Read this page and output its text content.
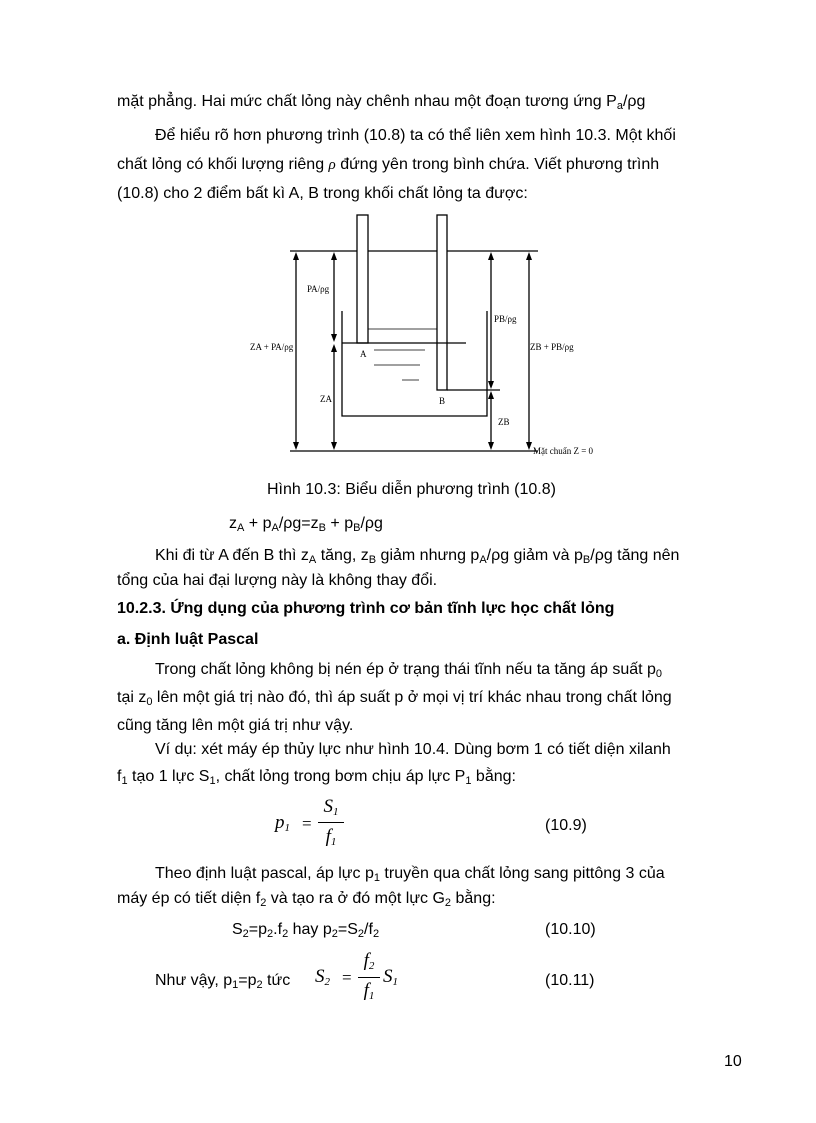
mặt phẳng. Hai mức chất lỏng này chênh nhau một đoạn tương ứng $P_a/\rho g$
Để hiểu rõ hơn phương trình (10.8) ta có thể liên xem hình 10.3. Một khối
chất lỏng có khối lượng riêng ρ đứng yên trong bình chứa. Viết phương trình
(10.8) cho 2 điểm bất kì A, B trong khối chất lỏng ta được:
PA/ρg
PB/ρg
ZA + PA/ρg	ZB + PB/ρg
ZA
ZB
A
B
Mặt chuẩn Z = 0
Hình 10.3: Biểu diễn phương trình (10.8)
$z_A + p_A/\rho g=z_B + p_B/\rho g$
Khi đi từ A đến B thì $z_A$ tăng, $z_B$ giảm nhưng $p_A/\rho g$ giảm và $p_B/\rho g$ tăng nên
tổng của hai đại lượng này là không thay đổi.
10.2.3. Ứng dụng của phương trình cơ bản tĩnh lực học chất lỏng
a. Định luật Pascal
Trong chất lỏng không bị nén ép ở trạng thái tĩnh nếu ta tăng áp suất $p_0$
tại $z_0$ lên một giá trị nào đó, thì áp suất p ở mọi vị trí khác nhau trong chất lỏng
cũng tăng lên một giá trị như vậy.
Ví dụ: xét máy ép thủy lực như hình 10.4. Dùng bơm 1 có tiết diện xilanh
$f_1$ tạo 1 lực $S_1$, chất lỏng trong bơm chịu áp lực $P_1$ bằng:
$p_1$ =
$S_1$
$f_1$
(10.9)
Theo định luật pascal, áp lực $p_1$ truyền qua chất lỏng sang pittông 3 của
máy ép có tiết diện $f_2$ và tạo ra ở đó một lực $G_2$ bằng:
$S_2=p_2.f_2$ hay $p_2=S_2/f_2$	(10.10)
Như vậy, $p_1=p_2$ tức $S_2$ =
$f_2$
$f_1$
$S_1$	(10.11)
10
